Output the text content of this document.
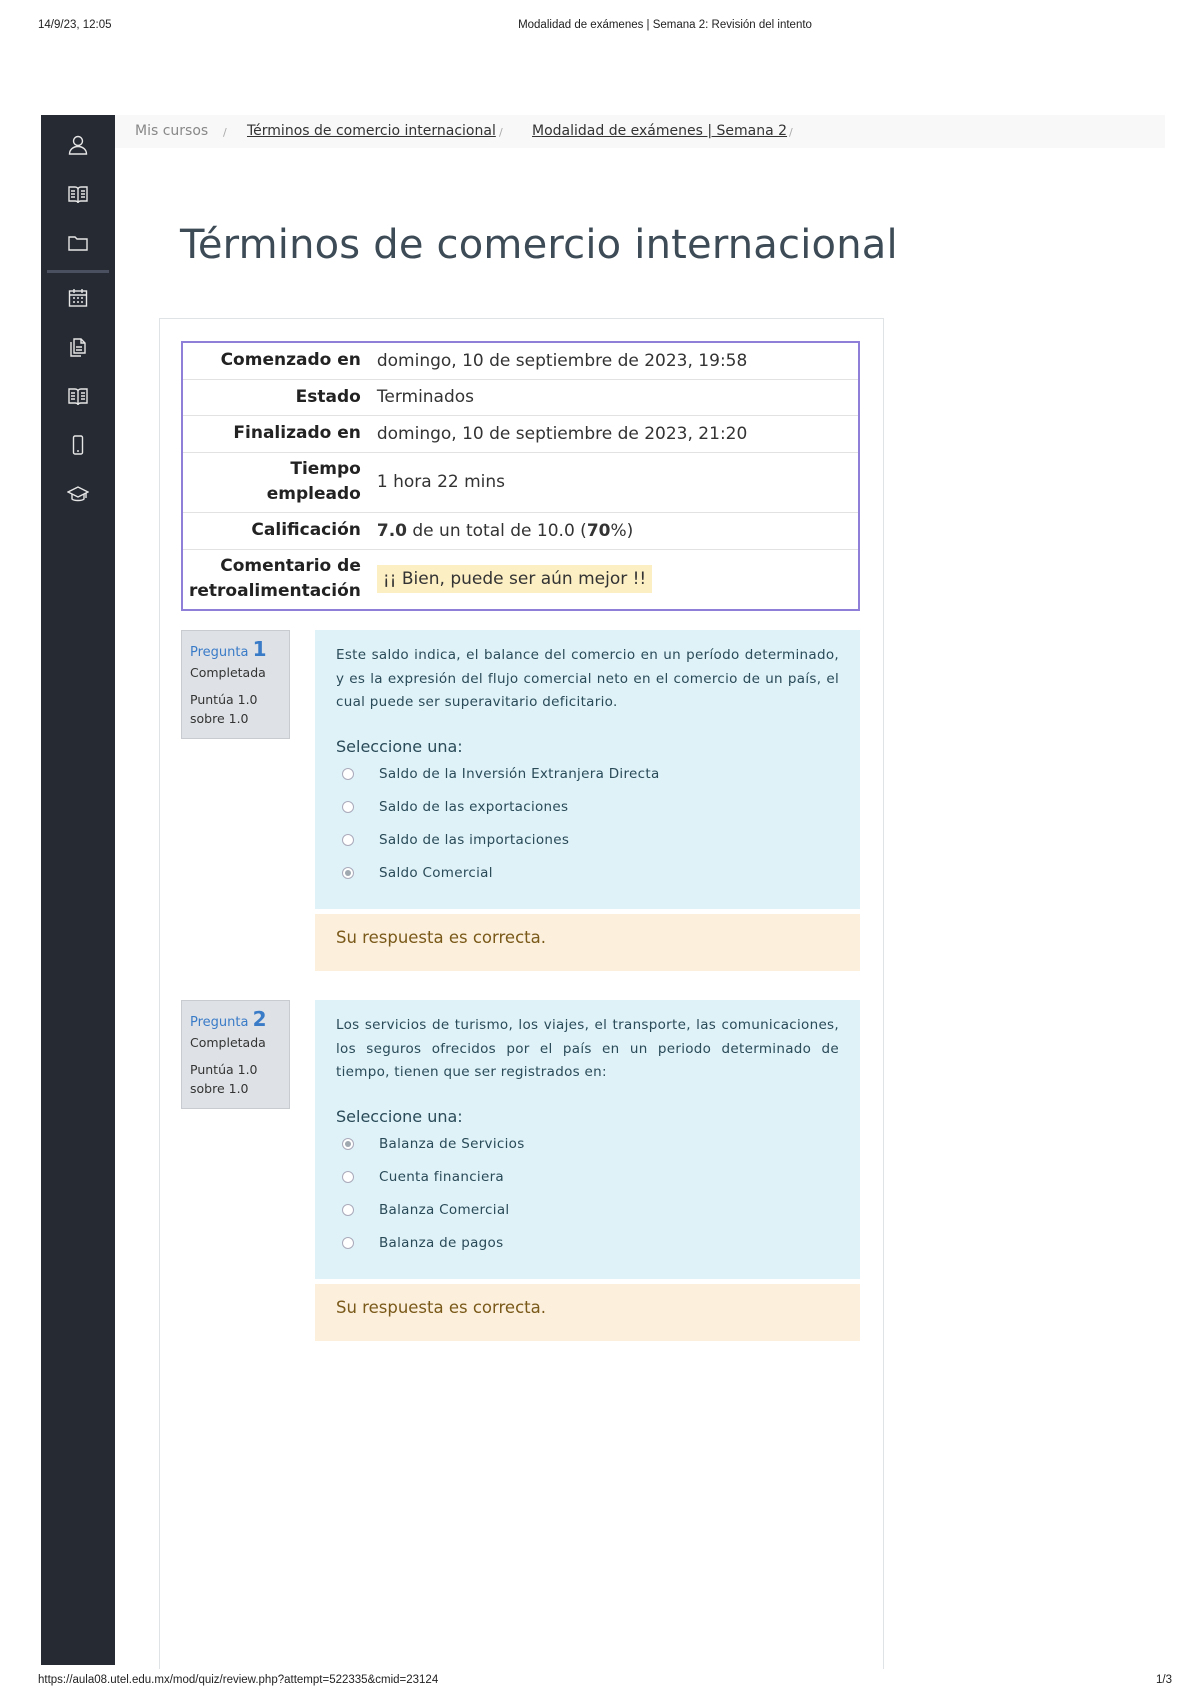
14/9/23, 12:05	Modalidad de exámenes | Semana 2: Revisión del intento
https://aula08.utel.edu.mx/mod/quiz/review.php?attempt=522335&cmid=23124	1/3
Mis cursos / Términos de comercio internacional / Modalidad de exámenes | Semana 2 /
Términos de comercio internacional
Comenzado en	domingo, 10 de septiembre de 2023, 19:58
Estado	Terminados
Finalizado en	domingo, 10 de septiembre de 2023, 21:20
Tiempo
empleado	1 hora 22 mins
Calificación	7.0 de un total de 10.0 (70%)
Comentario de
retroalimentación	¡¡ Bien, puede ser aún mejor !!
Pregunta 1
Completada
Puntúa 1.0
sobre 1.0
Este saldo indica, el balance del comercio en un período determinado, y es la expresión del flujo comercial neto en el comercio de un país, el cual puede ser superavitario deficitario.
Seleccione una:
Saldo de la Inversión Extranjera Directa
Saldo de las exportaciones
Saldo de las importaciones
Saldo Comercial
Su respuesta es correcta.
Pregunta 2
Completada
Puntúa 1.0
sobre 1.0
Los servicios de turismo, los viajes, el transporte, las comunicaciones, los seguros ofrecidos por el país en un periodo determinado de tiempo, tienen que ser registrados en:
Seleccione una:
Balanza de Servicios
Cuenta financiera
Balanza Comercial
Balanza de pagos
Su respuesta es correcta.
